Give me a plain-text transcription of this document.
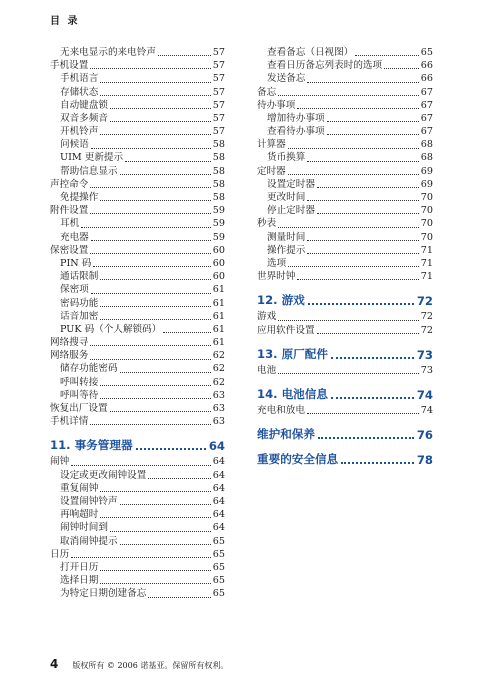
目 录
无来电显示的来电铃声	57
手机设置	57
手机语言	57
存储状态	57
自动键盘锁	57
双音多频音	57
开机铃声	57
问候语	58
UIM 更新提示	58
帮助信息显示	58
声控命令	58
免提操作	58
附件设置	59
耳机	59
充电器	59
保密设置	60
PIN 码	60
通话限制	60
保密项	61
密码功能	61
话音加密	61
PUK 码（个人解锁码）	61
网络搜寻	61
网络服务	62
储存功能密码	62
呼叫转接	62
呼叫等待	63
恢复出厂设置	63
手机详情	63
11. 事务管理器	64
闹钟	64
设定或更改闹钟设置	64
重复闹钟	64
设置闹钟铃声	64
再响超时	64
闹钟时间到	64
取消闹钟提示	65
日历	65
打开日历	65
选择日期	65
为特定日期创建备忘	65
查看备忘（日视图）	65
查看日历备忘列表时的选项	66
发送备忘	66
备忘	67
待办事项	67
增加待办事项	67
查看待办事项	67
计算器	68
货币换算	68
定时器	69
设置定时器	69
更改时间	70
停止定时器	70
秒表	70
测量时间	70
操作提示	71
选项	71
世界时钟	71
12. 游戏	72
游戏	72
应用软件设置	72
13. 原厂配件	73
电池	73
14. 电池信息	74
充电和放电	74
维护和保养	76
重要的安全信息	78
4 版权所有 © 2006 诺基亚。保留所有权利。
